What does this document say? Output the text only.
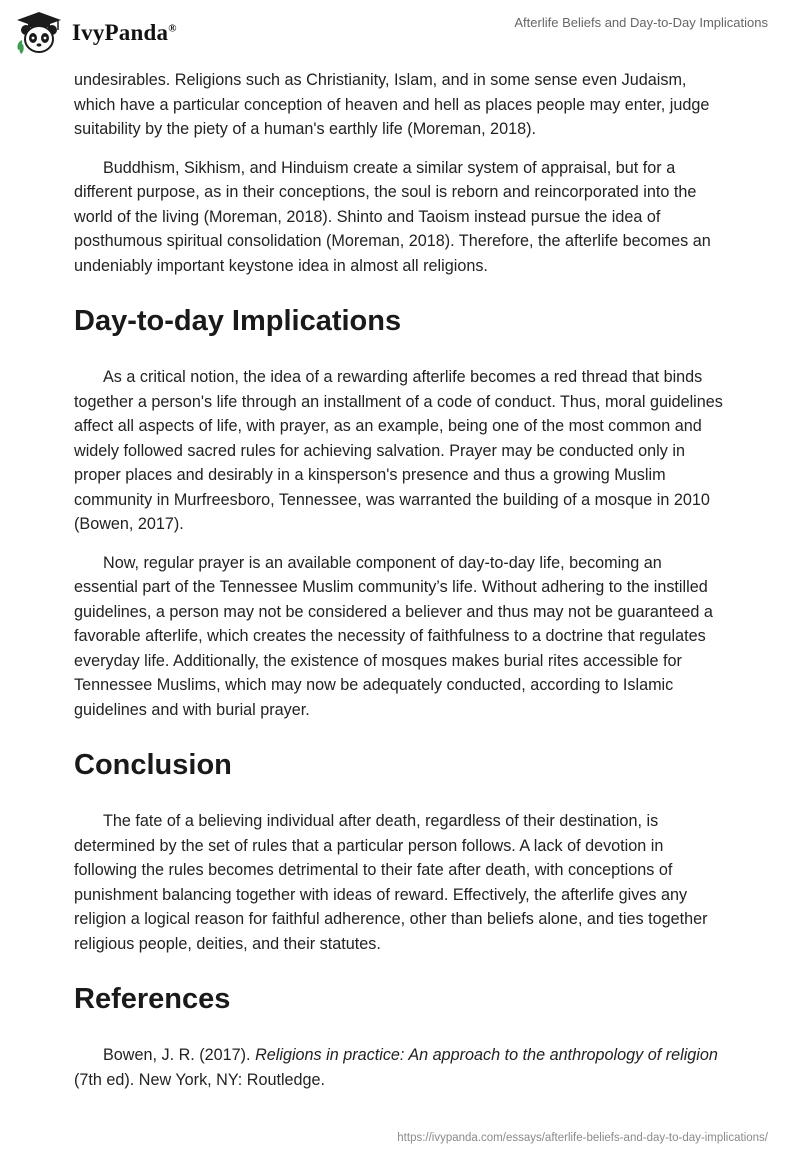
IvyPanda®	Afterlife Beliefs and Day-to-Day Implications

undesirables. Religions such as Christianity, Islam, and in some sense even Judaism, which have a particular conception of heaven and hell as places people may enter, judge suitability by the piety of a human's earthly life (Moreman, 2018).

Buddhism, Sikhism, and Hinduism create a similar system of appraisal, but for a different purpose, as in their conceptions, the soul is reborn and reincorporated into the world of the living (Moreman, 2018). Shinto and Taoism instead pursue the idea of posthumous spiritual consolidation (Moreman, 2018). Therefore, the afterlife becomes an undeniably important keystone idea in almost all religions.

Day-to-day Implications

As a critical notion, the idea of a rewarding afterlife becomes a red thread that binds together a person's life through an installment of a code of conduct. Thus, moral guidelines affect all aspects of life, with prayer, as an example, being one of the most common and widely followed sacred rules for achieving salvation. Prayer may be conducted only in proper places and desirably in a kinsperson's presence and thus a growing Muslim community in Murfreesboro, Tennessee, was warranted the building of a mosque in 2010 (Bowen, 2017).

Now, regular prayer is an available component of day-to-day life, becoming an essential part of the Tennessee Muslim community’s life. Without adhering to the instilled guidelines, a person may not be considered a believer and thus may not be guaranteed a favorable afterlife, which creates the necessity of faithfulness to a doctrine that regulates everyday life. Additionally, the existence of mosques makes burial rites accessible for Tennessee Muslims, which may now be adequately conducted, according to Islamic guidelines and with burial prayer.

Conclusion

The fate of a believing individual after death, regardless of their destination, is determined by the set of rules that a particular person follows. A lack of devotion in following the rules becomes detrimental to their fate after death, with conceptions of punishment balancing together with ideas of reward. Effectively, the afterlife gives any religion a logical reason for faithful adherence, other than beliefs alone, and ties together religious people, deities, and their statutes.

References

Bowen, J. R. (2017). Religions in practice: An approach to the anthropology of religion (7th ed). New York, NY: Routledge.

https://ivypanda.com/essays/afterlife-beliefs-and-day-to-day-implications/
